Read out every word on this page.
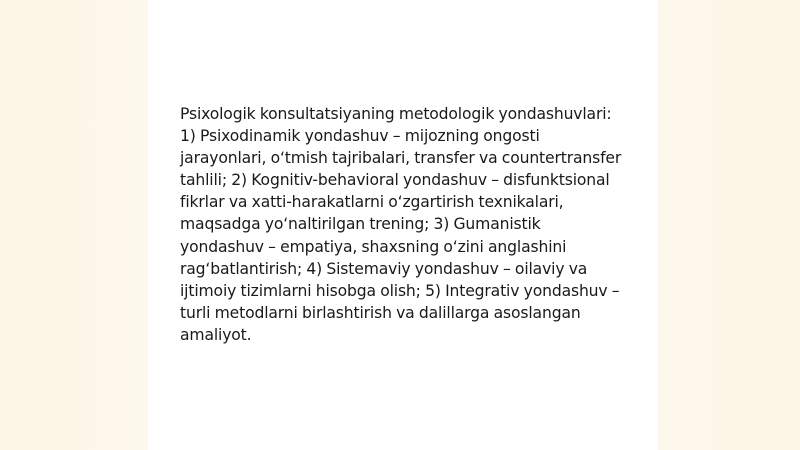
Psixologik konsultatsiyaning metodologik yondashuvlari: 1) Psixodinamik yondashuv – mijozning ongosti jarayonlari, o‘tmish tajribalari, transfer va countertransfer tahlili; 2) Kognitiv-behavioral yondashuv – disfunktsional fikrlar va xatti-harakatlarni o‘zgartirish texnikalari, maqsadga yo‘naltirilgan trening; 3) Gumanistik yondashuv – empatiya, shaxsning o‘zini anglashini rag‘batlantirish; 4) Sistemaviy yondashuv – oilaviy va ijtimoiy tizimlarni hisobga olish; 5) Integrativ yondashuv – turli metodlarni birlashtirish va dalillarga asoslangan amaliyot.
